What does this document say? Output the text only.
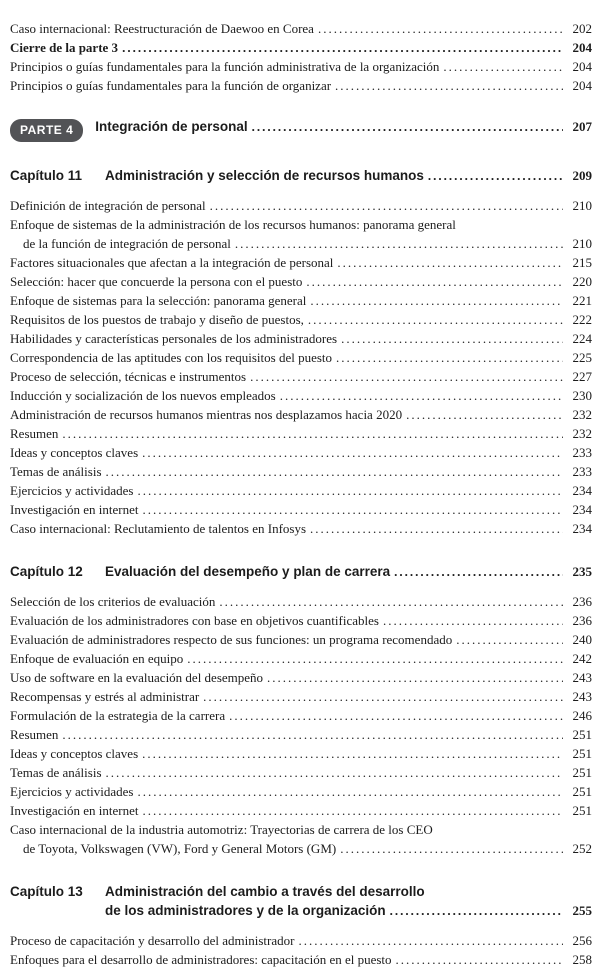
Caso internacional: Reestructuración de Daewoo en Corea .....	202
Cierre de la parte 3 .....	204
Principios o guías fundamentales para la función administrativa de la organización .....	204
Principios o guías fundamentales para la función de organizar .....	204
PARTE 4	Integración de personal .....	207
Capítulo 11	Administración y selección de recursos humanos .....	209
Definición de integración de personal .....	210
Enfoque de sistemas de la administración de los recursos humanos: panorama general
de la función de integración de personal .....	210
Factores situacionales que afectan a la integración de personal .....	215
Selección: hacer que concuerde la persona con el puesto .....	220
Enfoque de sistemas para la selección: panorama general .....	221
Requisitos de los puestos de trabajo y diseño de puestos, .....	222
Habilidades y características personales de los administradores .....	224
Correspondencia de las aptitudes con los requisitos del puesto .....	225
Proceso de selección, técnicas e instrumentos .....	227
Inducción y socialización de los nuevos empleados .....	230
Administración de recursos humanos mientras nos desplazamos hacia 2020 .....	232
Resumen .....	232
Ideas y conceptos claves .....	233
Temas de análisis .....	233
Ejercicios y actividades .....	234
Investigación en internet .....	234
Caso internacional: Reclutamiento de talentos en Infosys .....	234
Capítulo 12	Evaluación del desempeño y plan de carrera .....	235
Selección de los criterios de evaluación .....	236
Evaluación de los administradores con base en objetivos cuantificables .....	236
Evaluación de administradores respecto de sus funciones: un programa recomendado .....	240
Enfoque de evaluación en equipo .....	242
Uso de software en la evaluación del desempeño .....	243
Recompensas y estrés al administrar .....	243
Formulación de la estrategia de la carrera .....	246
Resumen .....	251
Ideas y conceptos claves .....	251
Temas de análisis .....	251
Ejercicios y actividades .....	251
Investigación en internet .....	251
Caso internacional de la industria automotriz: Trayectorias de carrera de los CEO
de Toyota, Volkswagen (VW), Ford y General Motors (GM) .....	252
Capítulo 13	Administración del cambio a través del desarrollo
de los administradores y de la organización .....	255
Proceso de capacitación y desarrollo del administrador .....	256
Enfoques para el desarrollo de administradores: capacitación en el puesto .....	258
